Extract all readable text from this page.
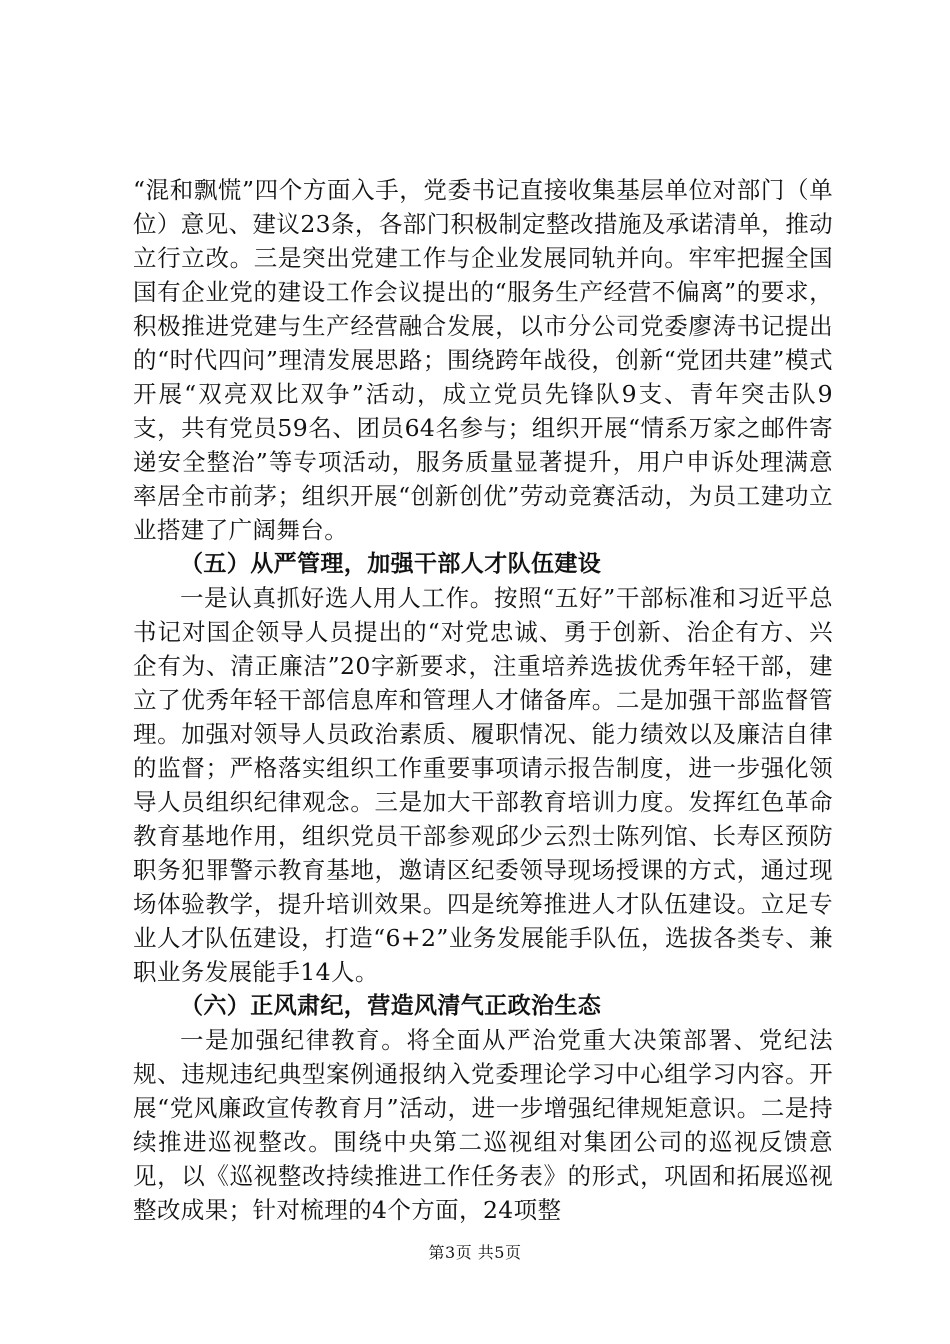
“混和飘慌”四个方面入手，党委书记直接收集基层单位对部门（单位）意见、建议23条，各部门积极制定整改措施及承诺清单，推动立行立改。三是突出党建工作与企业发展同轨并向。牢牢把握全国国有企业党的建设工作会议提出的“服务生产经营不偏离”的要求，积极推进党建与生产经营融合发展，以市分公司党委廖涛书记提出的“时代四问”理清发展思路；围绕跨年战役，创新“党团共建”模式开展“双亮双比双争”活动，成立党员先锋队9支、青年突击队9支，共有党员59名、团员64名参与；组织开展“情系万家之邮件寄递安全整治”等专项活动，服务质量显著提升，用户申诉处理满意率居全市前茅；组织开展“创新创优”劳动竞赛活动，为员工建功立业搭建了广阔舞台。

（五）从严管理，加强干部人才队伍建设

一是认真抓好选人用人工作。按照“五好”干部标准和习近平总书记对国企领导人员提出的“对党忠诚、勇于创新、治企有方、兴企有为、清正廉洁”20字新要求，注重培养选拔优秀年轻干部，建立了优秀年轻干部信息库和管理人才储备库。二是加强干部监督管理。加强对领导人员政治素质、履职情况、能力绩效以及廉洁自律的监督；严格落实组织工作重要事项请示报告制度，进一步强化领导人员组织纪律观念。三是加大干部教育培训力度。发挥红色革命教育基地作用，组织党员干部参观邱少云烈士陈列馆、长寿区预防职务犯罪警示教育基地，邀请区纪委领导现场授课的方式，通过现场体验教学，提升培训效果。四是统筹推进人才队伍建设。立足专业人才队伍建设，打造“6+2”业务发展能手队伍，选拔各类专、兼职业务发展能手14人。

（六）正风肃纪，营造风清气正政治生态

一是加强纪律教育。将全面从严治党重大决策部署、党纪法规、违规违纪典型案例通报纳入党委理论学习中心组学习内容。开展“党风廉政宣传教育月”活动，进一步增强纪律规矩意识。二是持续推进巡视整改。围绕中央第二巡视组对集团公司的巡视反馈意见，以《巡视整改持续推进工作任务表》的形式，巩固和拓展巡视整改成果；针对梳理的4个方面，24项整

第3页 共5页
